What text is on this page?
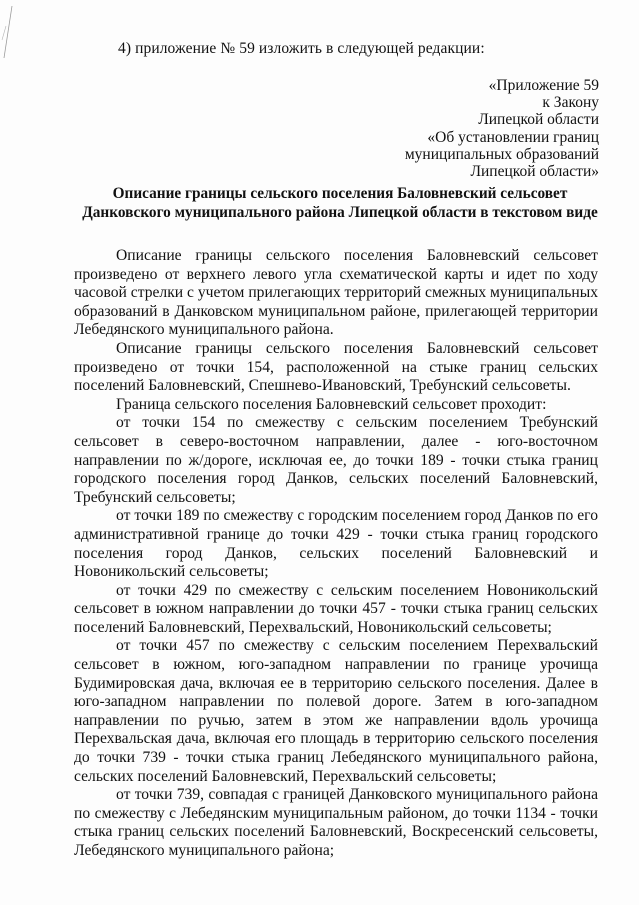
4) приложение № 59 изложить в следующей редакции:
«Приложение 59
к Закону
Липецкой области
«Об установлении границ
муниципальных образований
Липецкой области»
Описание границы сельского поселения Баловневский сельсовет
Данковского муниципального района Липецкой области в текстовом виде

Описание границы сельского поселения Баловневский сельсовет произведено от верхнего левого угла схематической карты и идет по ходу часовой стрелки с учетом прилегающих территорий смежных муниципальных образований в Данковском муниципальном районе, прилегающей территории Лебедянского муниципального района.

Описание границы сельского поселения Баловневский сельсовет произведено от точки 154, расположенной на стыке границ сельских поселений Баловневский, Спешнево-Ивановский, Требунский сельсоветы.

Граница сельского поселения Баловневский сельсовет проходит:

от точки 154 по смежеству с сельским поселением Требунский сельсовет в северо-восточном направлении, далее - юго-восточном направлении по ж/дороге, исключая ее, до точки 189 - точки стыка границ городского поселения город Данков, сельских поселений Баловневский, Требунский сельсоветы;

от точки 189 по смежеству с городским поселением город Данков по его административной границе до точки 429 - точки стыка границ городского поселения город Данков, сельских поселений Баловневский и Новоникольский сельсоветы;

от точки 429 по смежеству с сельским поселением Новоникольский сельсовет в южном направлении до точки 457 - точки стыка границ сельских поселений Баловневский, Перехвальский, Новоникольский сельсоветы;

от точки 457 по смежеству с сельским поселением Перехвальский сельсовет в южном, юго-западном направлении по границе урочища Будимировская дача, включая ее в территорию сельского поселения. Далее в юго-западном направлении по полевой дороге. Затем в юго-западном направлении по ручью, затем в этом же направлении вдоль урочища Перехвальская дача, включая его площадь в территорию сельского поселения до точки 739 - точки стыка границ Лебедянского муниципального района, сельских поселений Баловневский, Перехвальский сельсоветы;

от точки 739, совпадая с границей Данковского муниципального района по смежеству с Лебедянским муниципальным районом, до точки 1134 - точки стыка границ сельских поселений Баловневский, Воскресенский сельсоветы, Лебедянского муниципального района;
